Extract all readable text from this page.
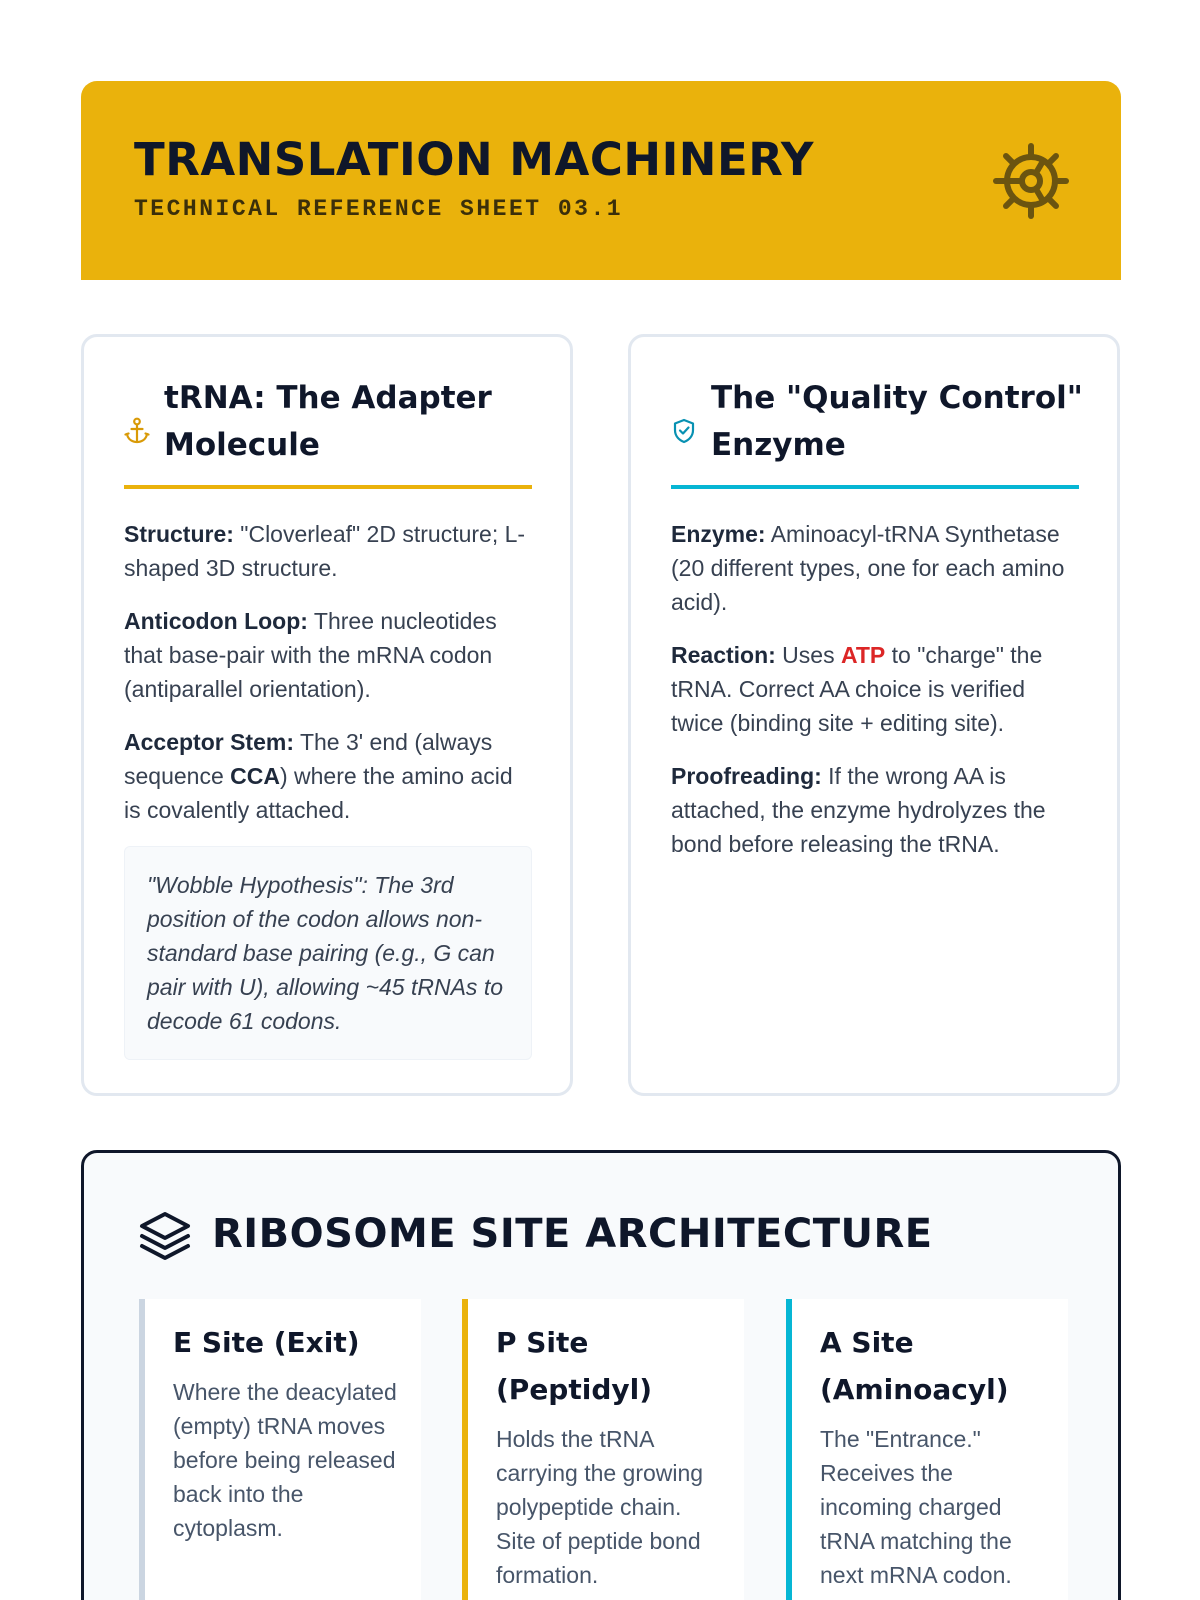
TRANSLATION MACHINERY
TECHNICAL REFERENCE SHEET 03.1
tRNA: The Adapter Molecule

Structure: "Cloverleaf" 2D structure; L-shaped 3D structure.

Anticodon Loop: Three nucleotides that base-pair with the mRNA codon (antiparallel orientation).

Acceptor Stem: The 3' end (always sequence CCA) where the amino acid is covalently attached.

"Wobble Hypothesis": The 3rd position of the codon allows non-standard base pairing (e.g., G can pair with U), allowing ~45 tRNAs to decode 61 codons.
The "Quality Control" Enzyme

Enzyme: Aminoacyl-tRNA Synthetase (20 different types, one for each amino acid).

Reaction: Uses ATP to "charge" the tRNA. Correct AA choice is verified twice (binding site + editing site).

Proofreading: If the wrong AA is attached, the enzyme hydrolyzes the bond before releasing the tRNA.

RIBOSOME SITE ARCHITECTURE
E Site (Exit)
Where the deacylated (empty) tRNA moves before being released back into the cytoplasm.
P Site (Peptidyl)
Holds the tRNA carrying the growing polypeptide chain. Site of peptide bond formation.
A Site (Aminoacyl)
The "Entrance." Receives the incoming charged tRNA matching the next mRNA codon.
